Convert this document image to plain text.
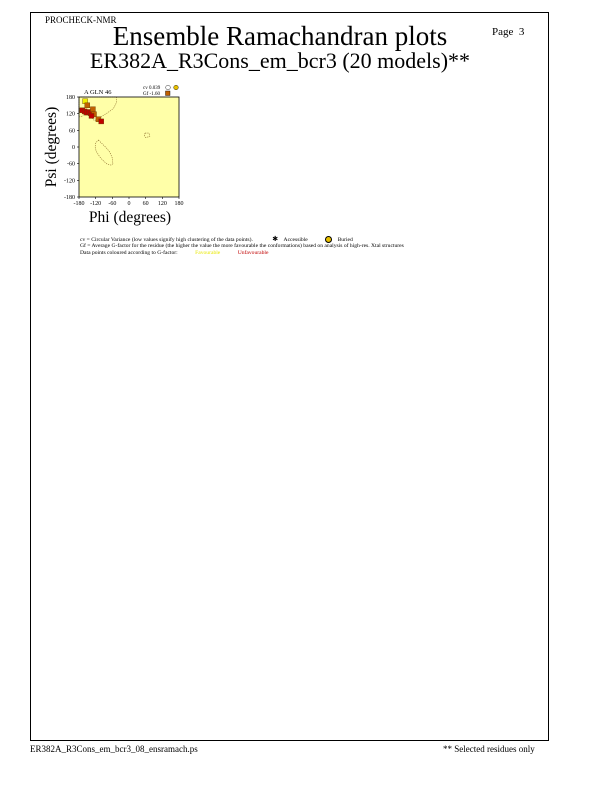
PROCHECK-NMR
Ensemble Ramachandran plots
ER382A_R3Cons_em_bcr3 (20 models)**
Page 3
-180 -120 -60 0 60 120 180
180
120
60
0
-60
-120
-180
A GLN 46
cv 0.039
Gf -1.60
Phi (degrees)
Psi (degrees)
cv = Circular Variance (low values signify high clustering of the data points).	✱ Accessible	Buried
Gf = Average G-factor for the residue (the higher the value the more favourable the conformations) based on analysis of high-res. Xtal structures
Data points coloured according to G-factor:	Favourable	Unfavourable
ER382A_R3Cons_em_bcr3_08_ensramach.ps	** Selected residues only
